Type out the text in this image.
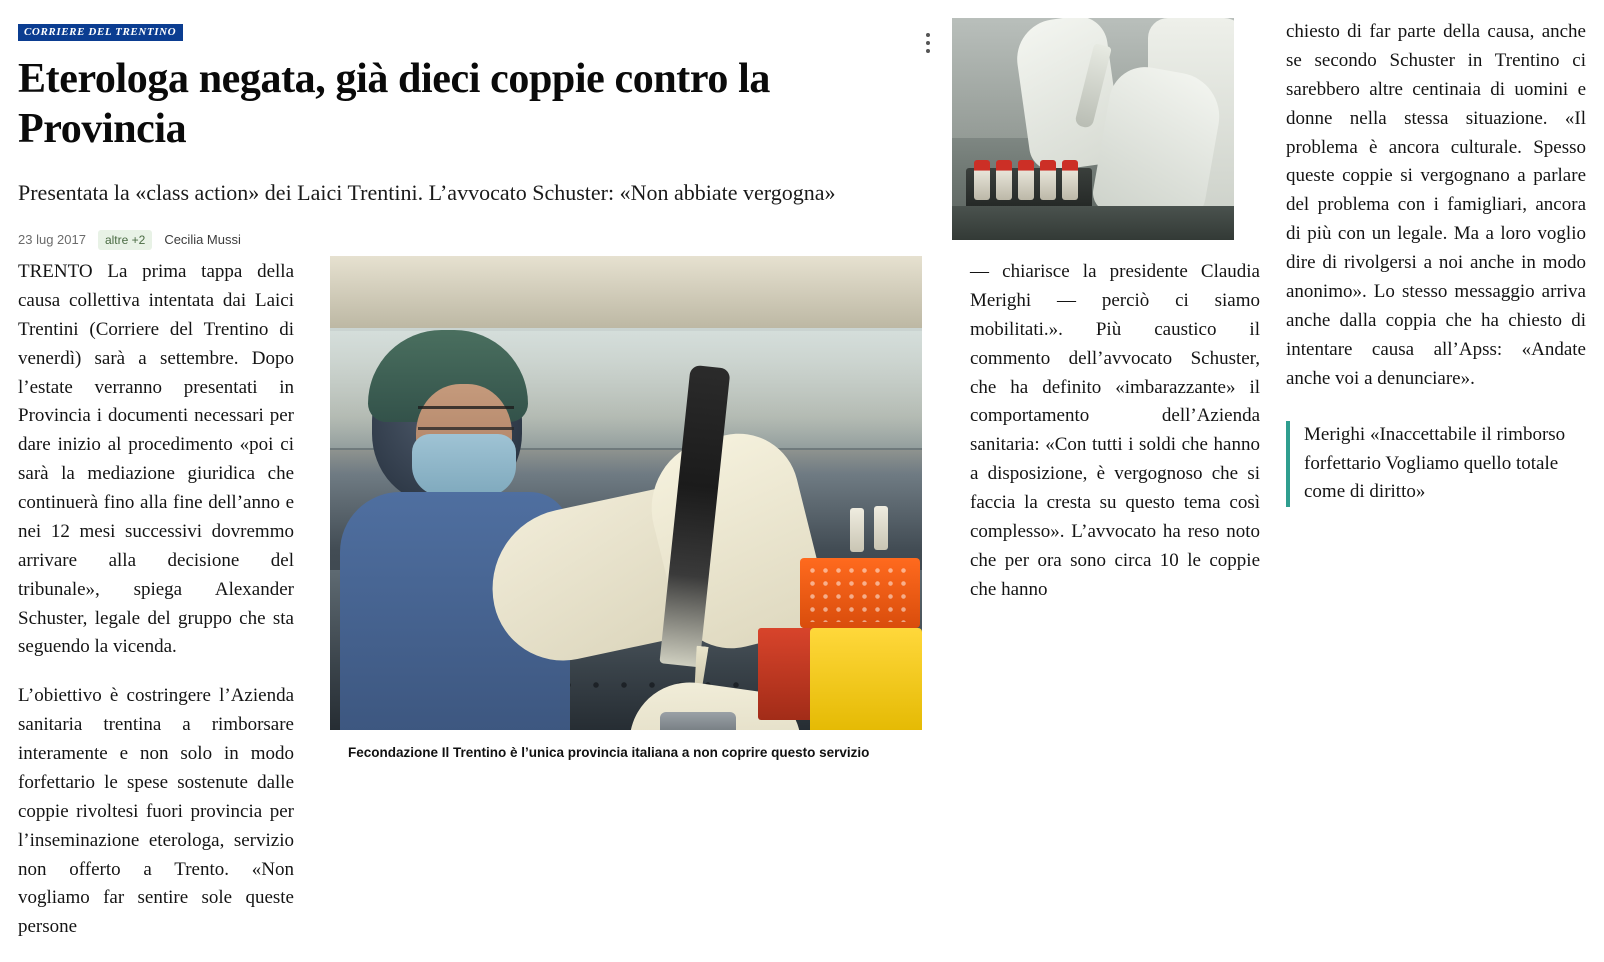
CORRIERE DEL TRENTINO
Eterologa negata, già dieci coppie contro la Provincia
Presentata la «class action» dei Laici Trentini. L’avvocato Schuster: «Non abbiate vergogna»
23 lug 2017	altre +2	Cecilia Mussi
Fecondazione Il Trentino è l’unica provincia italiana a non coprire questo servizio

TRENTO La prima tappa della causa collettiva intentata dai Laici Trentini (Corriere del Trentino di venerdì) sarà a settembre. Dopo l’estate verranno presentati in Provincia i documenti necessari per dare inizio al procedimento «poi ci sarà la mediazione giuridica che continuerà fino alla fine dell’anno e nei 12 mesi successivi dovremmo arrivare alla decisione del tribunale», spiega Alexander Schuster, legale del gruppo che sta seguendo la vicenda.

L’obiettivo è costringere l’Azienda sanitaria trentina a rimborsare interamente e non solo in modo forfettario le spese sostenute dalle coppie rivoltesi fuori provincia per l’inseminazione eterologa, servizio non offerto a Trento. «Non vogliamo far sentire sole queste persone

— chiarisce la presidente Claudia Merighi — perciò ci siamo mobilitati.». Più caustico il commento dell’avvocato Schuster, che ha definito «imbarazzante» il comportamento dell’Azienda sanitaria: «Con tutti i soldi che hanno a disposizione, è vergognoso che si faccia la cresta su questo tema così complesso». L’avvocato ha reso noto che per ora sono circa 10 le coppie che hanno

chiesto di far parte della causa, anche se secondo Schuster in Trentino ci sarebbero altre centinaia di uomini e donne nella stessa situazione. «Il problema è ancora culturale. Spesso queste coppie si vergognano a parlare del problema con i famigliari, ancora di più con un legale. Ma a loro voglio dire di rivolgersi a noi anche in modo anonimo». Lo stesso messaggio arriva anche dalla coppia che ha chiesto di intentare causa all’Apss: «Andate anche voi a denunciare».

Merighi «Inaccettabile il rimborso forfettario Vogliamo quello totale come di diritto»
